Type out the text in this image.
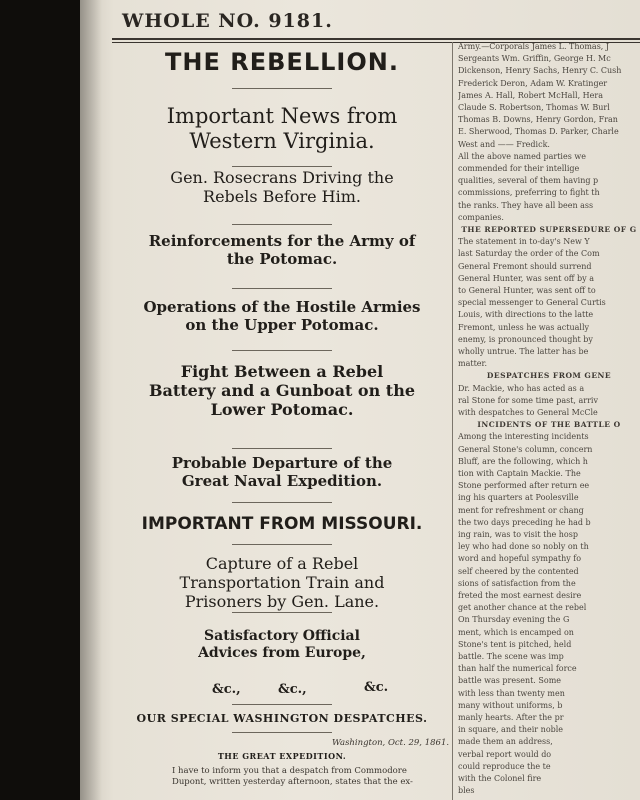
WHOLE NO. 9181.
THE REBELLION.
Important News from Western Virginia.
Gen. Rosecrans Driving the Rebels Before Him.
Reinforcements for the Army of the Potomac.
Operations of the Hostile Armies on the Upper Potomac.
Fight Between a Rebel Battery and a Gunboat on the Lower Potomac.
Probable Departure of the Great Naval Expedition.
IMPORTANT FROM MISSOURI.
Capture of a Rebel Transportation Train and Prisoners by Gen. Lane.
Satisfactory Official Advices from Europe,
&c.,	&c.,	&c.
OUR SPECIAL WASHINGTON DESPATCHES.
Washington, Oct. 29, 1861.
THE GREAT EXPEDITION.
I have to inform you that a despatch from Commodore
Dupont, written yesterday afternoon, states that the ex-
Army.—Corporals James L. Thomas, J
Sergeants Wm. Griffin, George H. Mc
Dickenson, Henry Sachs, Henry C. Cush
Frederick Deron, Adam W. Kratinger
James A. Hall, Robert McHall, Hera
Claude S. Robertson, Thomas W. Burl
Thomas B. Downs, Henry Gordon, Fran
E. Sherwood, Thomas D. Parker, Charle
West and —— Fredick.
All the above named parties we
commended for their intellige
qualities, several of them having p
commissions, preferring to fight th
the ranks. They have all been ass
companies.
THE REPORTED SUPERSEDURE OF G
The statement in to-day's New Y
last Saturday the order of the Com
General Fremont should surrend
General Hunter, was sent off by a
to General Hunter, was sent off to
special messenger to General Curtis
Louis, with directions to the latte
Fremont, unless he was actually
enemy, is pronounced thought by
wholly untrue. The latter has be
matter.
DESPATCHES FROM GENE
Dr. Mackie, who has acted as a
ral Stone for some time past, arriv
with despatches to General McCle
INCIDENTS OF THE BATTLE O
Among the interesting incidents
General Stone's column, concern
Bluff, are the following, which h
tion with Captain Mackie. The
Stone performed after return ee
ing his quarters at Poolesville
ment for refreshment or chang
the two days preceding he had b
ing rain, was to visit the hosp
ley who had done so nobly on th
word and hopeful sympathy fo
self cheered by the contented
sions of satisfaction from the
freted the most earnest desire
get another chance at the rebel
On Thursday evening the G
ment, which is encamped on
Stone's tent is pitched, held
battle. The scene was imp
than half the numerical force
battle was present. Some
with less than twenty men
many without uniforms, b
manly hearts. After the pr
in square, and their noble
made them an address,
verbal report would do
could reproduce the te
with the Colonel fire
bles
